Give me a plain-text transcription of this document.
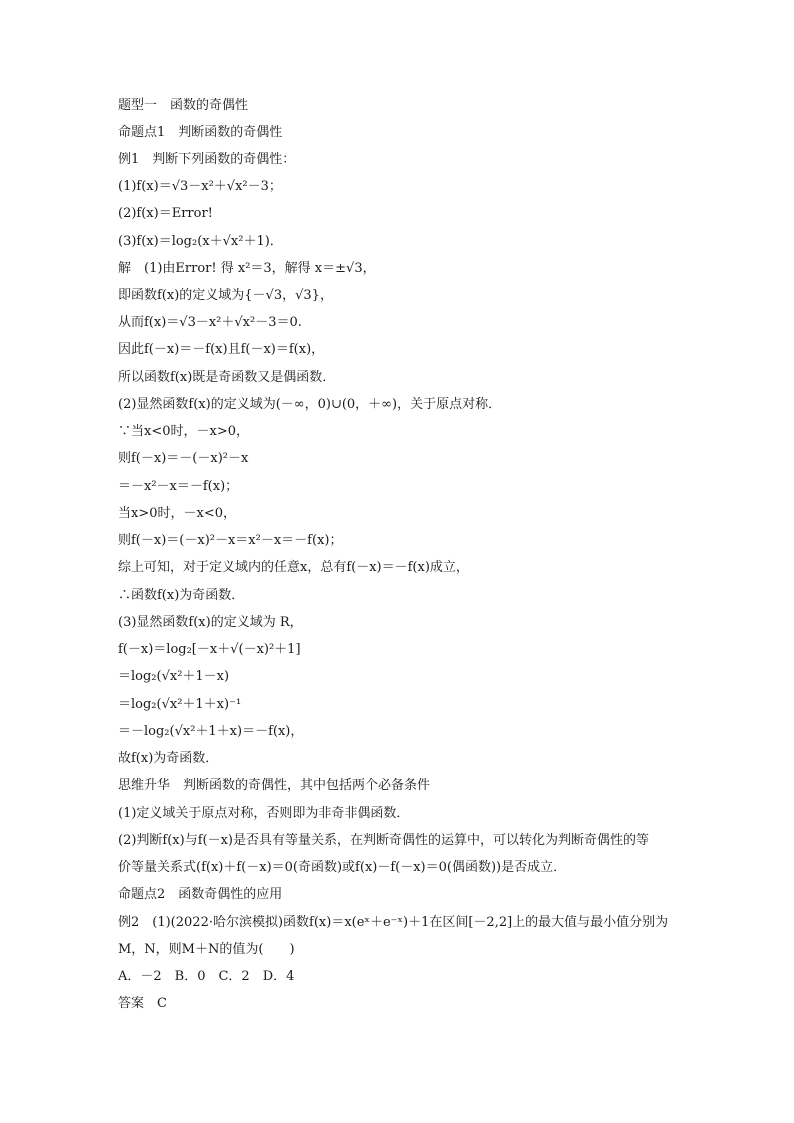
题型一　函数的奇偶性
命题点1　判断函数的奇偶性
例1　判断下列函数的奇偶性：
(1)f(x)＝√3－x²＋√x²－3；
(2)f(x)＝Error!
(3)f(x)＝log₂(x＋√x²＋1)．
解　(1)由Error! 得 x²＝3，解得 x＝±√3，
即函数f(x)的定义域为{－√3，√3}，
从而f(x)＝√3－x²＋√x²－3＝0.
因此f(－x)＝－f(x)且f(－x)＝f(x)，
所以函数f(x)既是奇函数又是偶函数．
(2)显然函数f(x)的定义域为(－∞，0)∪(0，＋∞)，关于原点对称．
∵当x<0时，－x>0，
则f(－x)＝－(－x)²－x
＝－x²－x＝－f(x)；
当x>0时，－x<0，
则f(－x)＝(－x)²－x＝x²－x＝－f(x)；
综上可知，对于定义域内的任意x，总有f(－x)＝－f(x)成立，
∴函数f(x)为奇函数．
(3)显然函数f(x)的定义域为 R，
f(－x)＝log₂[－x＋√(－x)²＋1]
＝log₂(√x²＋1－x)
＝log₂(√x²＋1＋x)⁻¹
＝－log₂(√x²＋1＋x)＝－f(x)，
故f(x)为奇函数．
思维升华　判断函数的奇偶性，其中包括两个必备条件
(1)定义域关于原点对称，否则即为非奇非偶函数．
(2)判断f(x)与f(－x)是否具有等量关系，在判断奇偶性的运算中，可以转化为判断奇偶性的等
价等量关系式(f(x)＋f(－x)＝0(奇函数)或f(x)－f(－x)＝0(偶函数))是否成立．
命题点2　函数奇偶性的应用
例2　(1)(2022·哈尔滨模拟)函数f(x)＝x(eˣ＋e⁻ˣ)＋1在区间[－2,2]上的最大值与最小值分别为
M，N，则M＋N的值为(　　)
A．－2　B．0　C．2　D．4
答案　C
